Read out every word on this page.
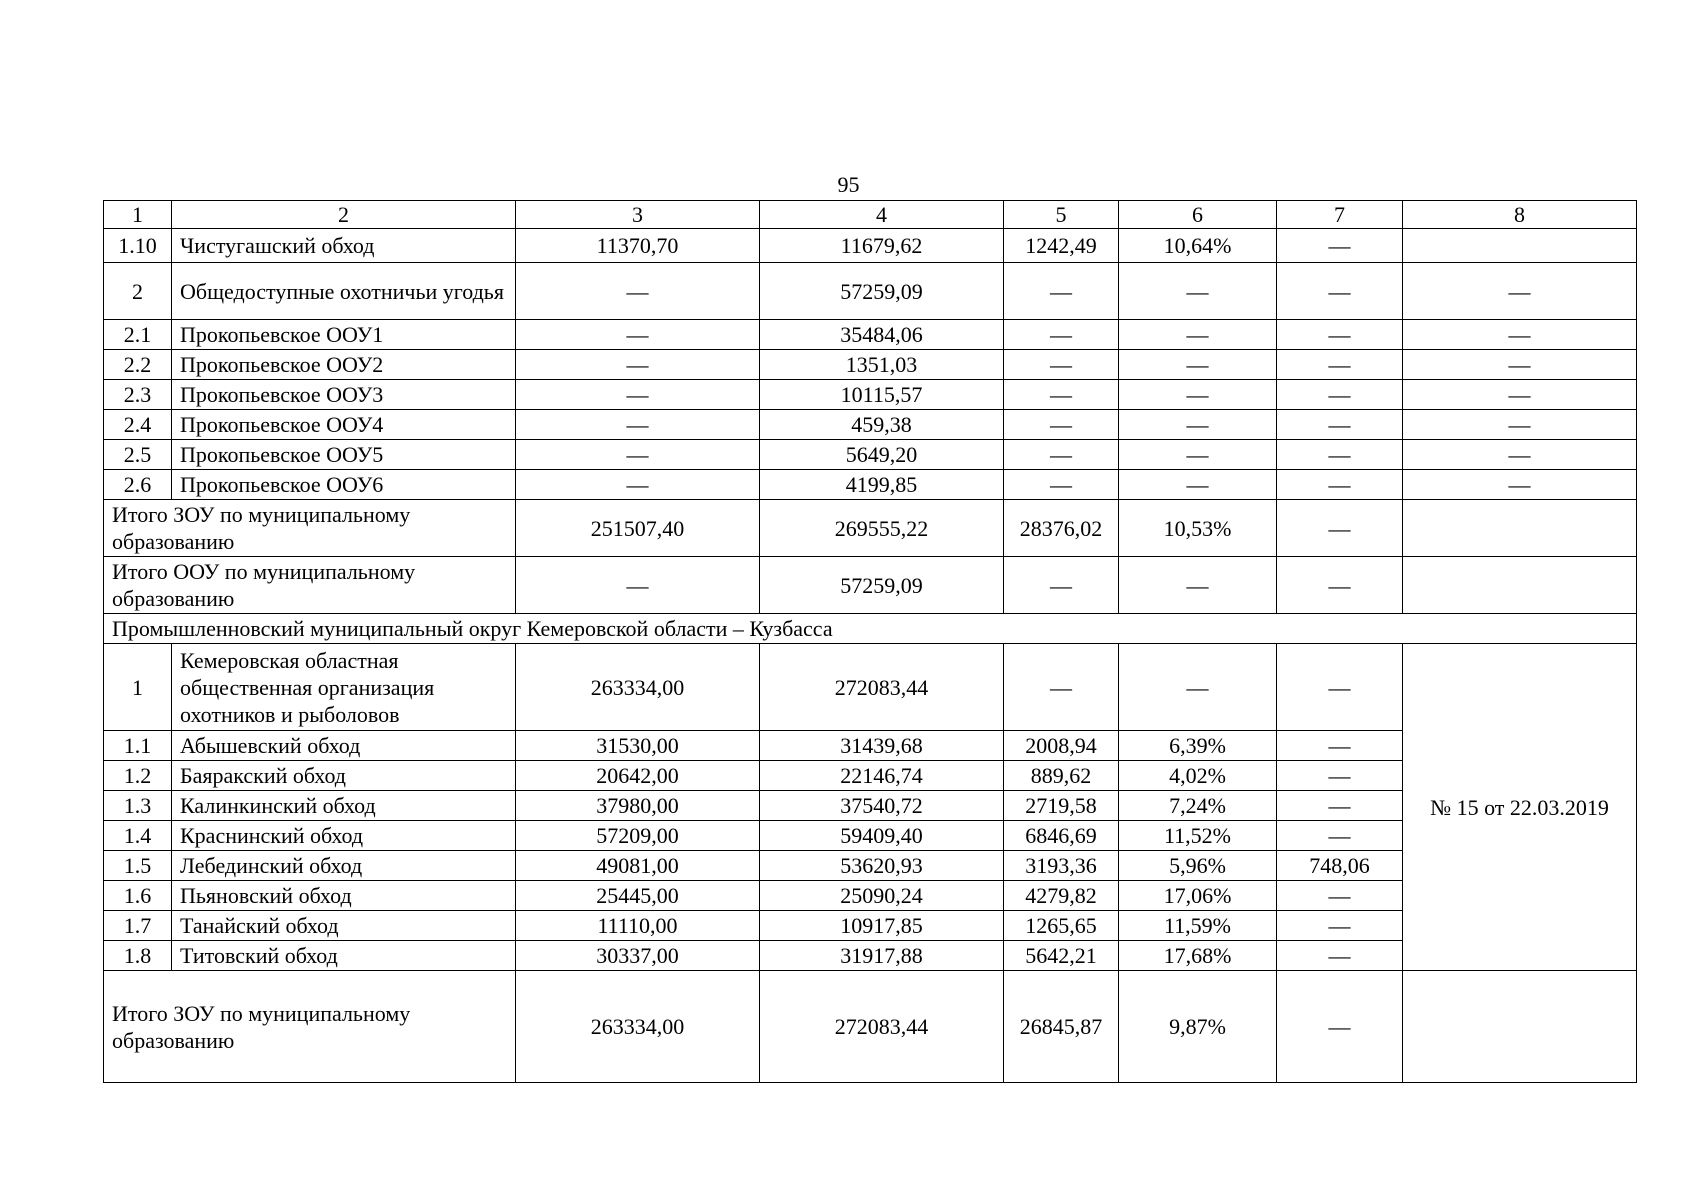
95
1	2	3	4	5	6	7	8
1.10	Чистугашский обход	11370,70	11679,62	1242,49	10,64%	—	
2	Общедоступные охотничьи угодья	—	57259,09	—	—	—	—
2.1	Прокопьевское ООУ1	—	35484,06	—	—	—	—
2.2	Прокопьевское ООУ2	—	1351,03	—	—	—	—
2.3	Прокопьевское ООУ3	—	10115,57	—	—	—	—
2.4	Прокопьевское ООУ4	—	459,38	—	—	—	—
2.5	Прокопьевское ООУ5	—	5649,20	—	—	—	—
2.6	Прокопьевское ООУ6	—	4199,85	—	—	—	—
Итого ЗОУ по муниципальному образованию		251507,40	269555,22	28376,02	10,53%	—	
Итого ООУ по муниципальному образованию		—	57259,09	—	—	—	
Промышленновский муниципальный округ Кемеровской области – Кузбасса							
1	Кемеровская областная общественная организация охотников и рыболовов	263334,00	272083,44	—	—	—	№ 15 от 22.03.2019
1.1	Абышевский обход	31530,00	31439,68	2008,94	6,39%	—	
1.2	Баяракский обход	20642,00	22146,74	889,62	4,02%	—	
1.3	Калинкинский обход	37980,00	37540,72	2719,58	7,24%	—	
1.4	Краснинский обход	57209,00	59409,40	6846,69	11,52%	—	
1.5	Лебединский обход	49081,00	53620,93	3193,36	5,96%	748,06	
1.6	Пьяновский обход	25445,00	25090,24	4279,82	17,06%	—	
1.7	Танайский обход	11110,00	10917,85	1265,65	11,59%	—	
1.8	Титовский обход	30337,00	31917,88	5642,21	17,68%	—	
Итого ЗОУ по муниципальному образованию		263334,00	272083,44	26845,87	9,87%	—	
